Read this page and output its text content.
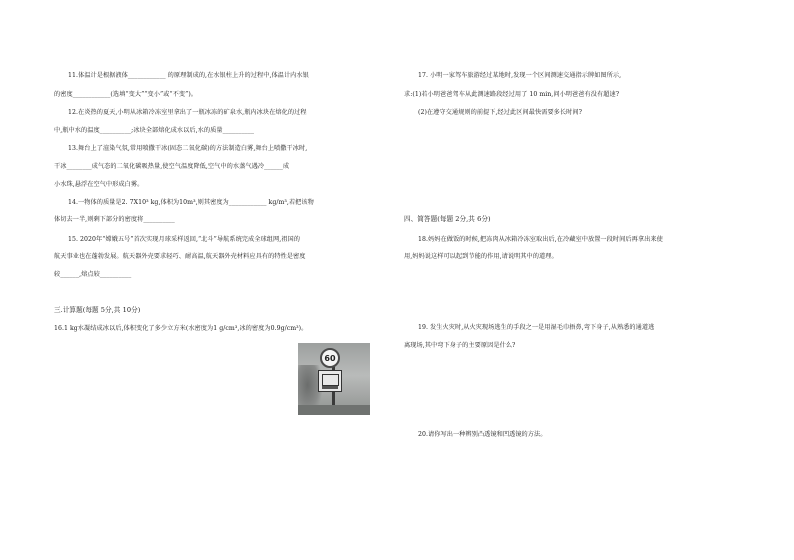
11.体温计是根据液体____________ 的原理制成的,在水银柱上升的过程中,体温计内水银
的密度____________(选填“变大”“变小”或“不变”)。
12.在炎热的夏天,小明从冰箱冷冻室里拿出了一瓶冰冻的矿泉水,瓶内冰块在熔化的过程
中,瓶中水的温度__________;冰块全部熔化成水以后,水的质量__________
13.舞台上了渲染气氛,常用喷撒干冰(固态二氧化碳)的方法制造白雾,舞台上喷撒干冰时,
干冰________成气态的二氧化碳吸热量,使空气温度降低,空气中的水蒸气遇冷______成
小水珠,悬浮在空气中形成白雾。
14.一物体的质量是2. 7X10³ kg,体积为10m³,则其密度为____________ kg/m³,若把该物
体切去一半,则剩下部分的密度将__________
15. 2020年“嫦娥五号”首次实现月球采样返回,“北斗”导航系统完成全球组网,祖国的
航天事业也在蓬勃发展。航天器外壳要求轻巧、耐高温,航天器外壳材料应具有的特性是密度
较______,熔点较__________
三.计算题(每题 5分,共 10分)
16.1 kg水凝结成冰以后,体积变化了多少立方米(水密度为1 g/cm³,冰的密度为0.9g/cm³)。
60
17. 小明一家驾车旅游经过某地时,发现一个区间测速交通指示牌如图所示,
求:(1)若小明爸爸驾车从此测速路段经过用了 10 min,问小明爸爸有没有超速?
(2)在遵守交通规则的前提下,经过此区间最快需要多长时间?
四、简答题(每题 2分,共 6分)
18.妈妈在做饭的时候,把冻肉从冰箱冷冻室取出后,在冷藏室中放置一段时间后再拿出来使
用,妈妈说这样可以起到节能的作用,请说明其中的道理。
19. 发生火灾时,从火灾现场逃生的手段之一是用湿毛巾捂鼻,弯下身子,从熟悉的通道逃
离现场,其中弯下身子的主要原因是什么?
20.请你写出一种辨别凸透镜和凹透镜的方法。
